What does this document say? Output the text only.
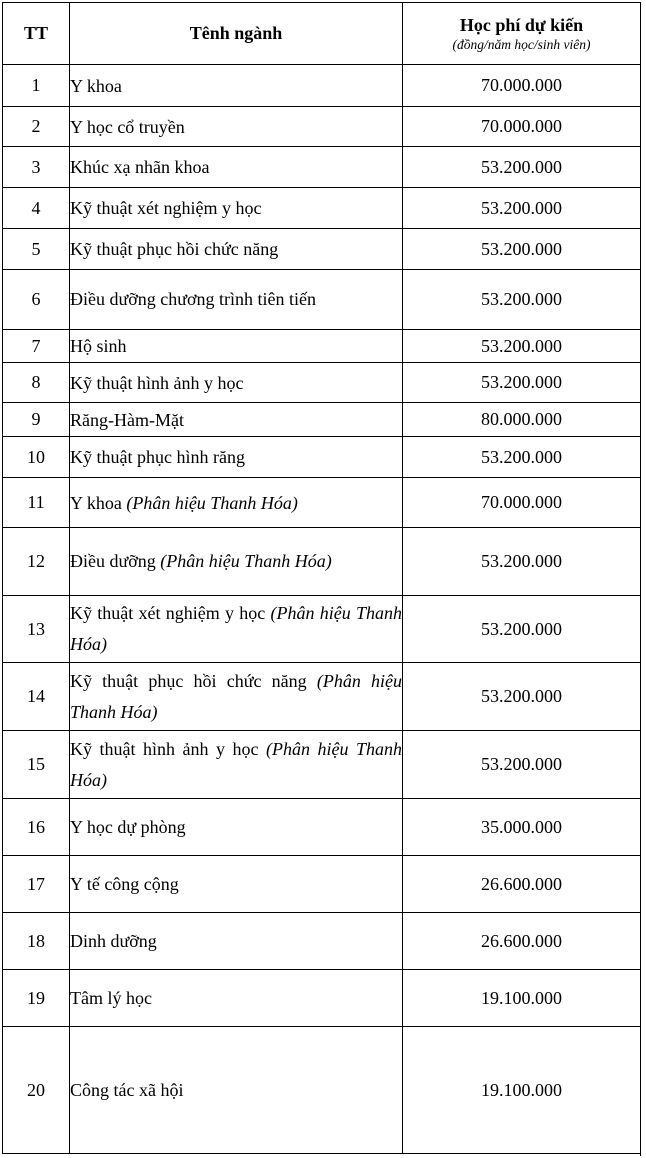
TT	Tênh ngành	Học phí dự kiến
(đồng/năm học/sinh viên)

1	Y khoa	70.000.000
2	Y học cổ truyền	70.000.000
3	Khúc xạ nhãn khoa	53.200.000
4	Kỹ thuật xét nghiệm y học	53.200.000
5	Kỹ thuật phục hồi chức năng	53.200.000
6	Điều dưỡng chương trình tiên tiến	53.200.000
7	Hộ sinh	53.200.000
8	Kỹ thuật hình ảnh y học	53.200.000
9	Răng-Hàm-Mặt	80.000.000
10	Kỹ thuật phục hình răng	53.200.000
11	Y khoa (Phân hiệu Thanh Hóa)	70.000.000
12	Điều dưỡng (Phân hiệu Thanh Hóa)	53.200.000
13	Kỹ thuật xét nghiệm y học (Phân hiệu Thanh Hóa)	53.200.000
14	Kỹ thuật phục hồi chức năng (Phân hiệu Thanh Hóa)	53.200.000
15	Kỹ thuật hình ảnh y học (Phân hiệu Thanh Hóa)	53.200.000
16	Y học dự phòng	35.000.000
17	Y tế công cộng	26.600.000
18	Dinh dưỡng	26.600.000
19	Tâm lý học	19.100.000
20	Công tác xã hội	19.100.000
